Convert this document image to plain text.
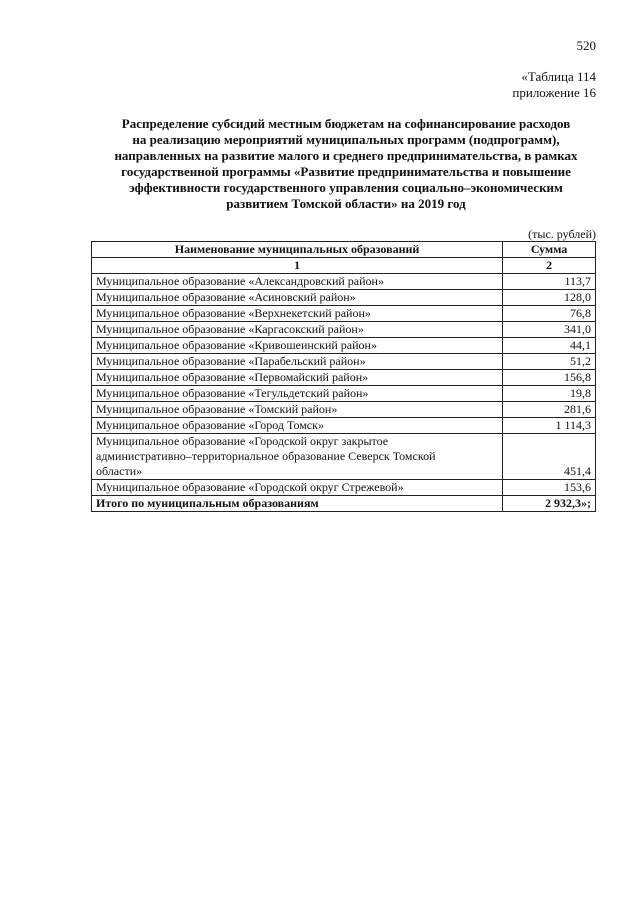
520
«Таблица 114
приложение 16
Распределение субсидий местным бюджетам на софинансирование расходов
на реализацию мероприятий муниципальных программ (подпрограмм),
направленных на развитие малого и среднего предпринимательства, в рамках
государственной программы «Развитие предпринимательства и повышение
эффективности государственного управления социально–экономическим
развитием Томской области» на 2019 год
(тыс. рублей)
Наименование муниципальных образований	Сумма
1	2
Муниципальное образование «Александровский район»	113,7
Муниципальное образование «Асиновский район»	128,0
Муниципальное образование «Верхнекетский район»	76,8
Муниципальное образование «Каргасокский район»	341,0
Муниципальное образование «Кривошеинский район»	44,1
Муниципальное образование «Парабельский район»	51,2
Муниципальное образование «Первомайский район»	156,8
Муниципальное образование «Тегульдетский район»	19,8
Муниципальное образование «Томский район»	281,6
Муниципальное образование «Город Томск»	1 114,3

Муниципальное образование «Городской округ закрытое
административно–территориальное образование Северск Томской
области»	451,4
Муниципальное образование «Городской округ Стрежевой»	153,6
Итого по муниципальным образованиям	2 932,3»;
